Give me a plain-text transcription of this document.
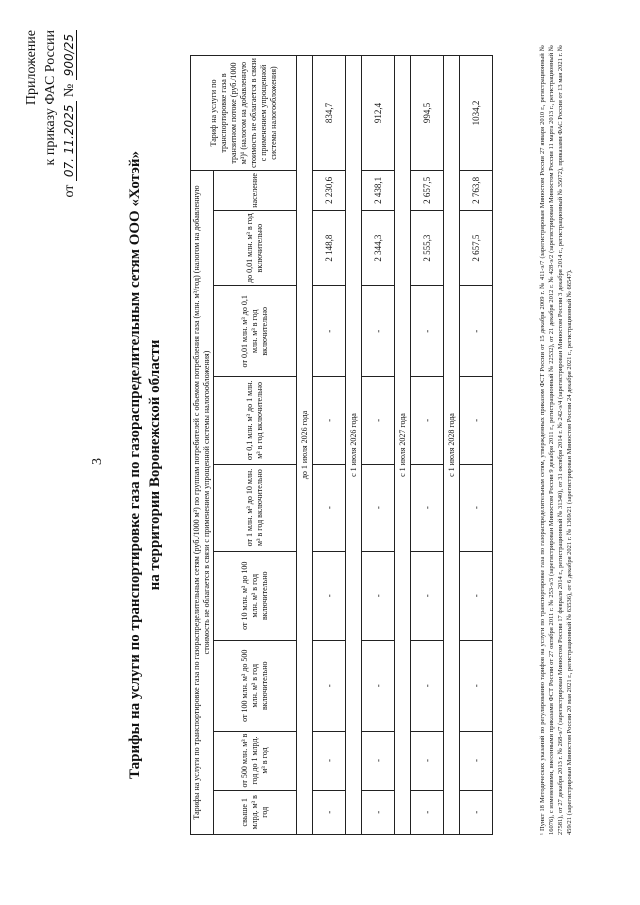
3
Приложение к приказу ФАС России
от 07. 11.2025 № 900/25
Тарифы на услуги по транспортировке газа по газораспределительным сетям ООО «Хотэй» на территории Воронежской области	Тарифы на услуги по транспортировке газа по газораспределительным сетям (руб./1000 м³) по группам потребителей с объемом потребления газа (млн. м³/год) (налогом на добавленную стоимость не облагается в связи с применением упрощенной системы налогообложения)									Тариф на услуги по транспортировке газа в транзитном потоке (руб./1000 м³)¹ (налогом на добавленную стоимость не облагается в связи с применением упрощенной системы налогообложения)
свыше 1 млрд. м³ в год	от 500 млн. м³ в год до 1 млрд. м³ в год	от 100 млн. м³ до 500 млн. м³ в год включительно	от 10 млн. м³ до 100 млн. м³ в год включительно	от 1 млн. м³ до 10 млн. м³ в год включительно	от 0,1 млн. м³ до 1 млн. м³ в год включительно	от 0,01 млн. м³ до 0,1 млн. м³ в год включительно	до 0,01 млн. м³ в год включительно	население	
до 1 июля 2026 года									
-	-	-	-	-	-	-	2 148,8	2 230,6	834,7
с 1 июля 2026 года									
-	-	-	-	-	-	-	2 344,3	2 438,1	912,4
с 1 июля 2027 года									
-	-	-	-	-	-	-	2 555,3	2 657,5	994,5
с 1 июля 2028 года									
-	-	-	-	-	-	-	2 657,5	2 763,8	1034,2	¹ Пункт 18 Методических указаний по регулированию тарифов на услуги по транспортировке газа по газораспределительным сетям, утвержденных приказом ФСТ России от 15 декабря 2009 г. № 411-э/7 (зарегистрирован Минюстом России 27 января 2010 г., регистрационный № 16076), с изменениями, внесенными приказами ФСТ России от 27 октября 2011 г. № 253-э/3 (зарегистрирован Минюстом России 9 декабря 2011 г., регистрационный № 22532), от 21 декабря 2012 г. № 428-э/2 (зарегистрирован Минюстом России 11 марта 2013 г., регистрационный № 27581), от 27 декабря 2013 г. № 268-э/7 (зарегистрирован Минюстом России 17 февраля 2014 г., регистрационный № 31340), от 31 октября 2014 г. № 242-э/4 (зарегистрирован Минюстом России 3 декабря 2014 г., регистрационный № 35072), приказами ФАС России от 13 мая 2021 г. № 459/21 (зарегистрирован Минюстом России 20 мая 2021 г., регистрационный № 63536), от 6 декабря 2021 г. № 1369/21 (зарегистрирован Минюстом России 24 декабря 2021 г., регистрационный № 66547).
